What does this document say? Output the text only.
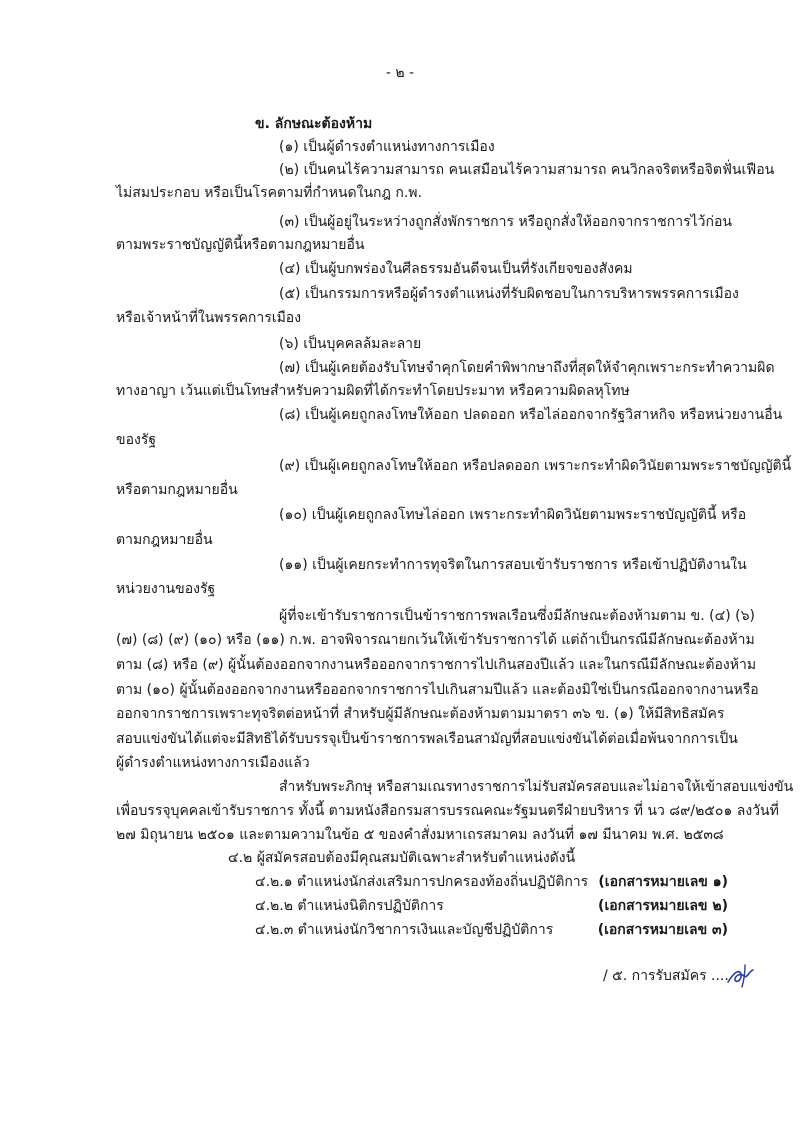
- ๒ -
ข. ลักษณะต้องห้าม
(๑) เป็นผู้ดำรงตำแหน่งทางการเมือง
(๒) เป็นคนไร้ความสามารถ คนเสมือนไร้ความสามารถ คนวิกลจริตหรือจิตฟั่นเฟือน
ไม่สมประกอบ หรือเป็นโรคตามที่กำหนดในกฎ ก.พ.
(๓) เป็นผู้อยู่ในระหว่างถูกสั่งพักราชการ หรือถูกสั่งให้ออกจากราชการไว้ก่อน
ตามพระราชบัญญัตินี้หรือตามกฎหมายอื่น
(๔) เป็นผู้บกพร่องในศีลธรรมอันดีจนเป็นที่รังเกียจของสังคม
(๕) เป็นกรรมการหรือผู้ดำรงตำแหน่งที่รับผิดชอบในการบริหารพรรคการเมือง
หรือเจ้าหน้าที่ในพรรคการเมือง
(๖) เป็นบุคคลล้มละลาย
(๗) เป็นผู้เคยต้องรับโทษจำคุกโดยคำพิพากษาถึงที่สุดให้จำคุกเพราะกระทำความผิด
ทางอาญา เว้นแต่เป็นโทษสำหรับความผิดที่ได้กระทำโดยประมาท หรือความผิดลหุโทษ
(๘) เป็นผู้เคยถูกลงโทษให้ออก ปลดออก หรือไล่ออกจากรัฐวิสาหกิจ หรือหน่วยงานอื่น
ของรัฐ
(๙) เป็นผู้เคยถูกลงโทษให้ออก หรือปลดออก เพราะกระทำผิดวินัยตามพระราชบัญญัตินี้
หรือตามกฎหมายอื่น
(๑๐) เป็นผู้เคยถูกลงโทษไล่ออก เพราะกระทำผิดวินัยตามพระราชบัญญัตินี้ หรือ
ตามกฎหมายอื่น
(๑๑) เป็นผู้เคยกระทำการทุจริตในการสอบเข้ารับราชการ หรือเข้าปฏิบัติงานใน
หน่วยงานของรัฐ
ผู้ที่จะเข้ารับราชการเป็นข้าราชการพลเรือนซึ่งมีลักษณะต้องห้ามตาม ข. (๔) (๖)
(๗) (๘) (๙) (๑๐) หรือ (๑๑) ก.พ. อาจพิจารณายกเว้นให้เข้ารับราชการได้ แต่ถ้าเป็นกรณีมีลักษณะต้องห้าม
ตาม (๘) หรือ (๙) ผู้นั้นต้องออกจากงานหรือออกจากราชการไปเกินสองปีแล้ว และในกรณีมีลักษณะต้องห้าม
ตาม (๑๐) ผู้นั้นต้องออกจากงานหรือออกจากราชการไปเกินสามปีแล้ว และต้องมิใช่เป็นกรณีออกจากงานหรือ
ออกจากราชการเพราะทุจริตต่อหน้าที่ สำหรับผู้มีลักษณะต้องห้ามตามมาตรา ๓๖ ข. (๑) ให้มีสิทธิสมัคร
สอบแข่งขันได้แต่จะมีสิทธิได้รับบรรจุเป็นข้าราชการพลเรือนสามัญที่สอบแข่งขันได้ต่อเมื่อพ้นจากการเป็น
ผู้ดำรงตำแหน่งทางการเมืองแล้ว
สำหรับพระภิกษุ หรือสามเณรทางราชการไม่รับสมัครสอบและไม่อาจให้เข้าสอบแข่งขัน
เพื่อบรรจุบุคคลเข้ารับราชการ ทั้งนี้ ตามหนังสือกรมสารบรรณคณะรัฐมนตรีฝ่ายบริหาร ที่ นว ๘๙/๒๕๐๑ ลงวันที่
๒๗ มิถุนายน ๒๕๐๑ และตามความในข้อ ๕ ของคำสั่งมหาเถรสมาคม ลงวันที่ ๑๗ มีนาคม พ.ศ. ๒๕๓๘
๔.๒ ผู้สมัครสอบต้องมีคุณสมบัติเฉพาะสำหรับตำแหน่งดังนี้
๔.๒.๑ ตำแหน่งนักส่งเสริมการปกครองท้องถิ่นปฏิบัติการ (เอกสารหมายเลข ๑)
๔.๒.๒ ตำแหน่งนิติกรปฏิบัติการ	(เอกสารหมายเลข ๒)
๔.๒.๓ ตำแหน่งนักวิชาการเงินและบัญชีปฏิบัติการ	(เอกสารหมายเลข ๓)
/ ๕. การรับสมัคร ....
